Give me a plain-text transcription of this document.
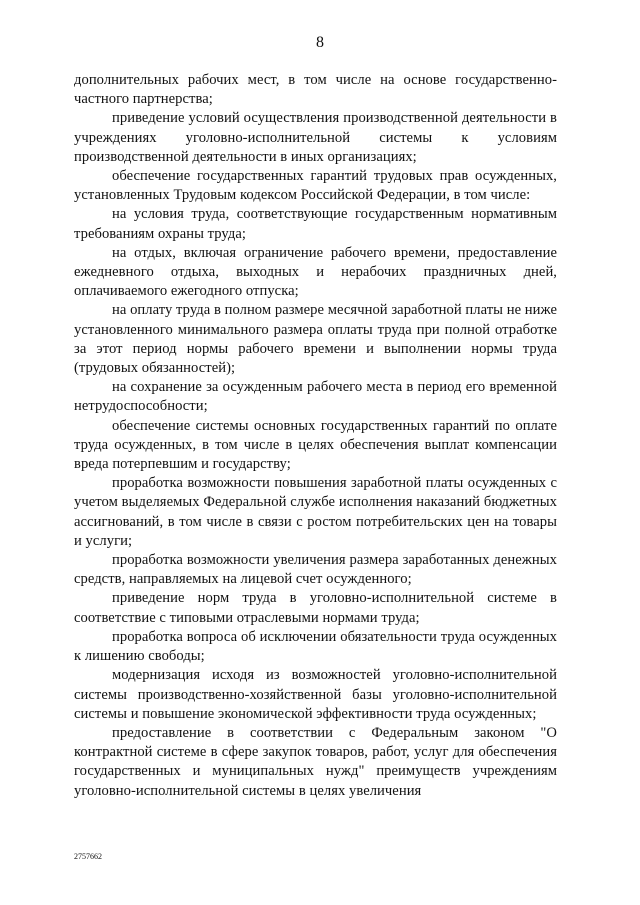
8

дополнительных рабочих мест, в том числе на основе государственно-частного партнерства;

приведение условий осуществления производственной деятельности в учреждениях уголовно-исполнительной системы к условиям производственной деятельности в иных организациях;

обеспечение государственных гарантий трудовых прав осужденных, установленных Трудовым кодексом Российской Федерации, в том числе:

на условия труда, соответствующие государственным нормативным требованиям охраны труда;

на отдых, включая ограничение рабочего времени, предоставление ежедневного отдыха, выходных и нерабочих праздничных дней, оплачиваемого ежегодного отпуска;

на оплату труда в полном размере месячной заработной платы не ниже установленного минимального размера оплаты труда при полной отработке за этот период нормы рабочего времени и выполнении нормы труда (трудовых обязанностей);

на сохранение за осужденным рабочего места в период его временной нетрудоспособности;

обеспечение системы основных государственных гарантий по оплате труда осужденных, в том числе в целях обеспечения выплат компенсации вреда потерпевшим и государству;

проработка возможности повышения заработной платы осужденных с учетом выделяемых Федеральной службе исполнения наказаний бюджетных ассигнований, в том числе в связи с ростом потребительских цен на товары и услуги;

проработка возможности увеличения размера заработанных денежных средств, направляемых на лицевой счет осужденного;

приведение норм труда в уголовно-исполнительной системе в соответствие с типовыми отраслевыми нормами труда;

проработка вопроса об исключении обязательности труда осужденных к лишению свободы;

модернизация исходя из возможностей уголовно-исполнительной системы производственно-хозяйственной базы уголовно-исполнительной системы и повышение экономической эффективности труда осужденных;

предоставление в соответствии с Федеральным законом "О контрактной системе в сфере закупок товаров, работ, услуг для обеспечения государственных и муниципальных нужд" преимуществ учреждениям уголовно-исполнительной системы в целях увеличения

2757662
